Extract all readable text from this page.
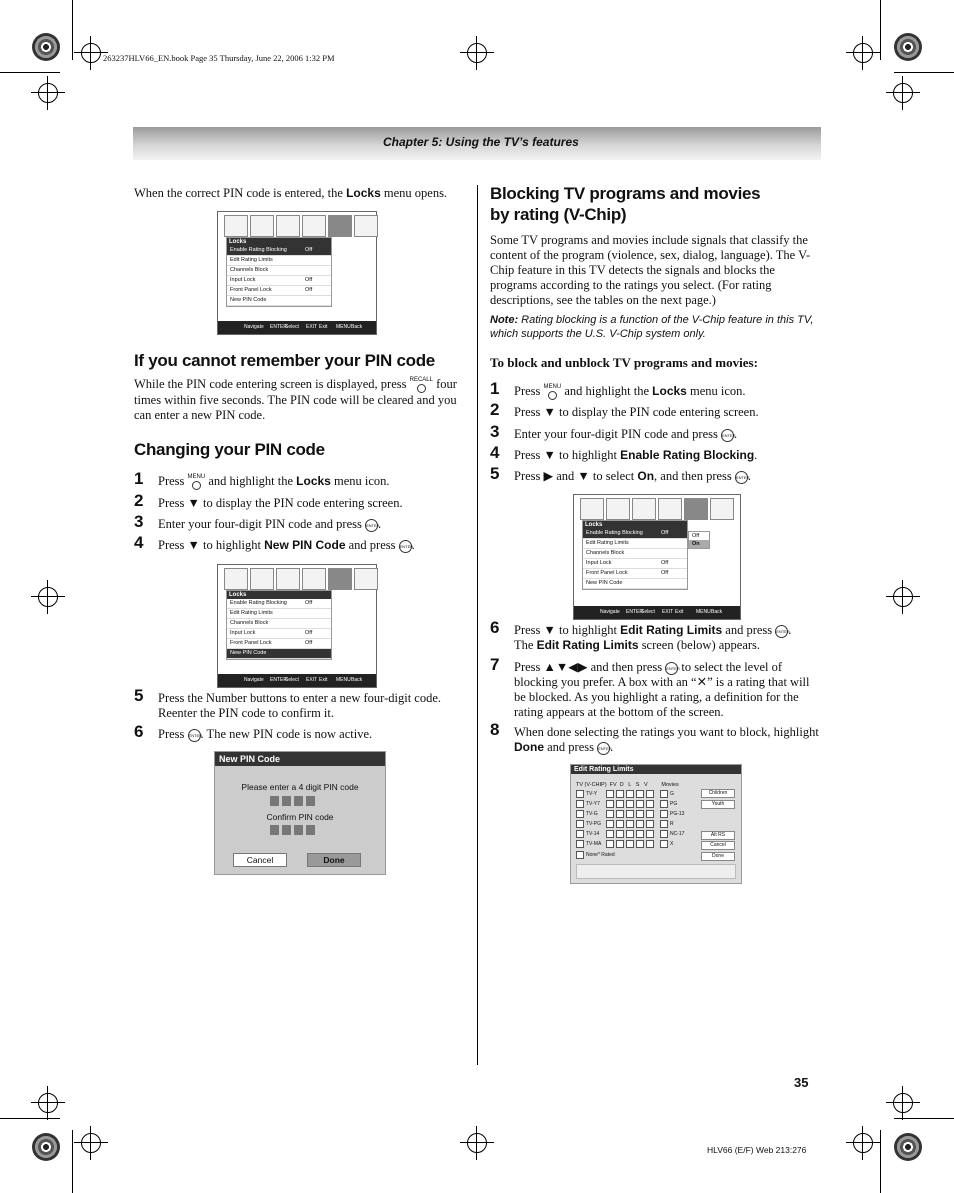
263237HLV66_EN.book Page 35 Thursday, June 22, 2006 1:32 PM
Chapter 5: Using the TV’s features

When the correct PIN code is entered, the Locks menu opens.

Locks
Enable Rating Blocking	Off
Edit Rating Limits
Channels Block
Input Lock	Off
Front Panel Lock	Off
New PIN Code
Navigate ENTER
Select EXIT Exit MENU Back
If you cannot remember your PIN code

While the PIN code entering screen is displayed, press RECALL
four times within five seconds. The PIN code will be cleared and you can enter a new PIN code.

Changing your PIN code
1 Press MENU
and highlight the Locks menu icon.
2 Press ▼ to display the PIN code entering screen.
3 Enter your four-digit PIN code and press ENTER.
4 Press ▼ to highlight New PIN Code and press ENTER.
Locks
Enable Rating Blocking	Off
Edit Rating Limits
Channels Block
Input Lock	Off
Front Panel Lock	Off
New PIN Code
Navigate ENTER
Select EXIT Exit MENU Back
5 Press the Number buttons to enter a new four-digit code. Reenter the PIN code to confirm it.
6 Press ENTER. The new PIN code is now active.
New PIN Code
Please enter a 4 digit PIN code
Confirm PIN code
Cancel	Done
Blocking TV programs and movies
by rating (V-Chip)

Some TV programs and movies include signals that classify the content of the program (violence, sex, dialog, language). The V-Chip feature in this TV detects the signals and blocks the programs according to the ratings you select. (For rating descriptions, see the tables on the next page.)

Note: Rating blocking is a function of the V-Chip feature in this TV, which supports the U.S. V-Chip system only.

To block and unblock TV programs and movies:
1 Press MENU
and highlight the Locks menu icon.
2 Press ▼ to display the PIN code entering screen.
3 Enter your four-digit PIN code and press ENTER.
4 Press ▼ to highlight Enable Rating Blocking.
5 Press ▶ and ▼ to select On, and then press ENTER.
Locks
Enable Rating Blocking	Off
Edit Rating Limits
Channels Block
Input Lock	Off
Front Panel Lock	Off
New PIN Code
Off
On
Navigate ENTER
Select EXIT Exit	MENU Back
6 Press ▼ to highlight Edit Rating Limits and press ENTER.
The Edit Rating Limits screen (below) appears.
7 Press ▲▼◀▶ and then press ENTER to select the level of blocking you prefer. A box with an “✕” is a rating that will be blocked. As you highlight a rating, a definition for the rating appears at the bottom of the screen.
8 When done selecting the ratings you want to block, highlight Done and press ENTER.
Edit Rating Limits
TV (V-CHIP)  FV  D   L   S   V         Movies
TV-Y	G
TV-Y7	PG
TV-G	PG-13
TV-PG	R
TV-14	NC-17
TV-MA	X
None* Rated
Children
Youth
Alt RS
Cancel
Done
35
HLV66 (E/F) Web 213:276
